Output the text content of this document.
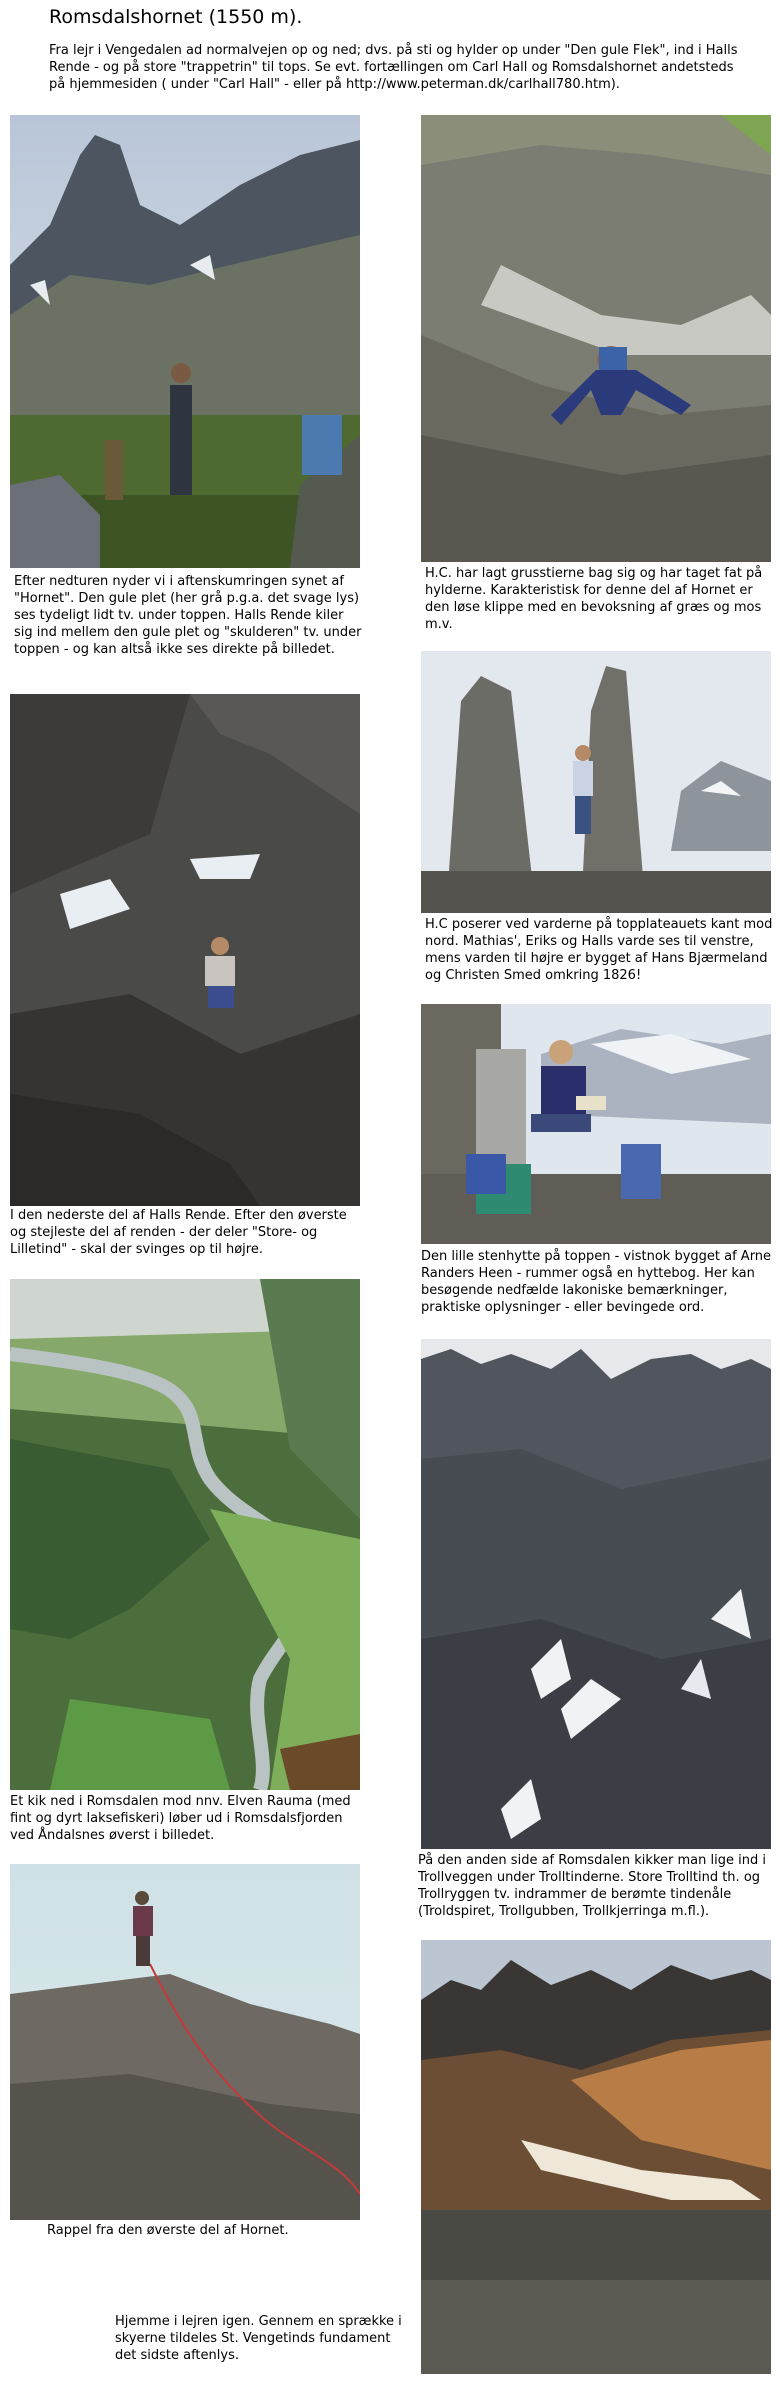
Romsdalshornet (1550 m).
Fra lejr i Vengedalen ad normalvejen op og ned; dvs. på sti og hylder op under "Den gule Flek", ind i Halls Rende - og på store "trappetrin" til tops. Se evt. fortællingen om Carl Hall og Romsdalshornet andetsteds på hjemmesiden ( under "Carl Hall" - eller på http://www.peterman.dk/carlhall780.htm).
Efter nedturen nyder vi i aftenskumringen synet af "Hornet". Den gule plet (her grå p.g.a. det svage lys) ses tydeligt lidt tv. under toppen. Halls Rende kiler sig ind mellem den gule plet og "skulderen" tv. under toppen - og kan altså ikke ses direkte på billedet.
H.C. har lagt grusstierne bag sig og har taget fat på hylderne. Karakteristisk for denne del af Hornet er den løse klippe med en bevoksning af græs og mos m.v.
I den nederste del af Halls Rende. Efter den øverste og stejleste del af renden - der deler "Store- og Lilletind" - skal der svinges op til højre.
H.C poserer ved varderne på topplateauets kant mod nord. Mathias', Eriks og Halls varde ses til venstre, mens varden til højre er bygget af Hans Bjærmeland og Christen Smed omkring 1826!
Den lille stenhytte på toppen - vistnok bygget af Arne Randers Heen - rummer også en hyttebog. Her kan besøgende nedfælde lakoniske bemærkninger, praktiske oplysninger - eller bevingede ord.
Et kik ned i Romsdalen mod nnv. Elven Rauma (med fint og dyrt laksefiskeri) løber ud i Romsdalsfjorden ved Åndalsnes øverst i billedet.
På den anden side af Romsdalen kikker man lige ind i Trollveggen under Trolltinderne. Store Trolltind th. og Trollryggen tv. indrammer de berømte tindenåle (Troldspiret, Trollgubben, Trollkjerringa m.fl.).
Rappel fra den øverste del af Hornet.
Hjemme i lejren igen. Gennem en sprække i skyerne tildeles St. Vengetinds fundament det sidste aftenlys.
